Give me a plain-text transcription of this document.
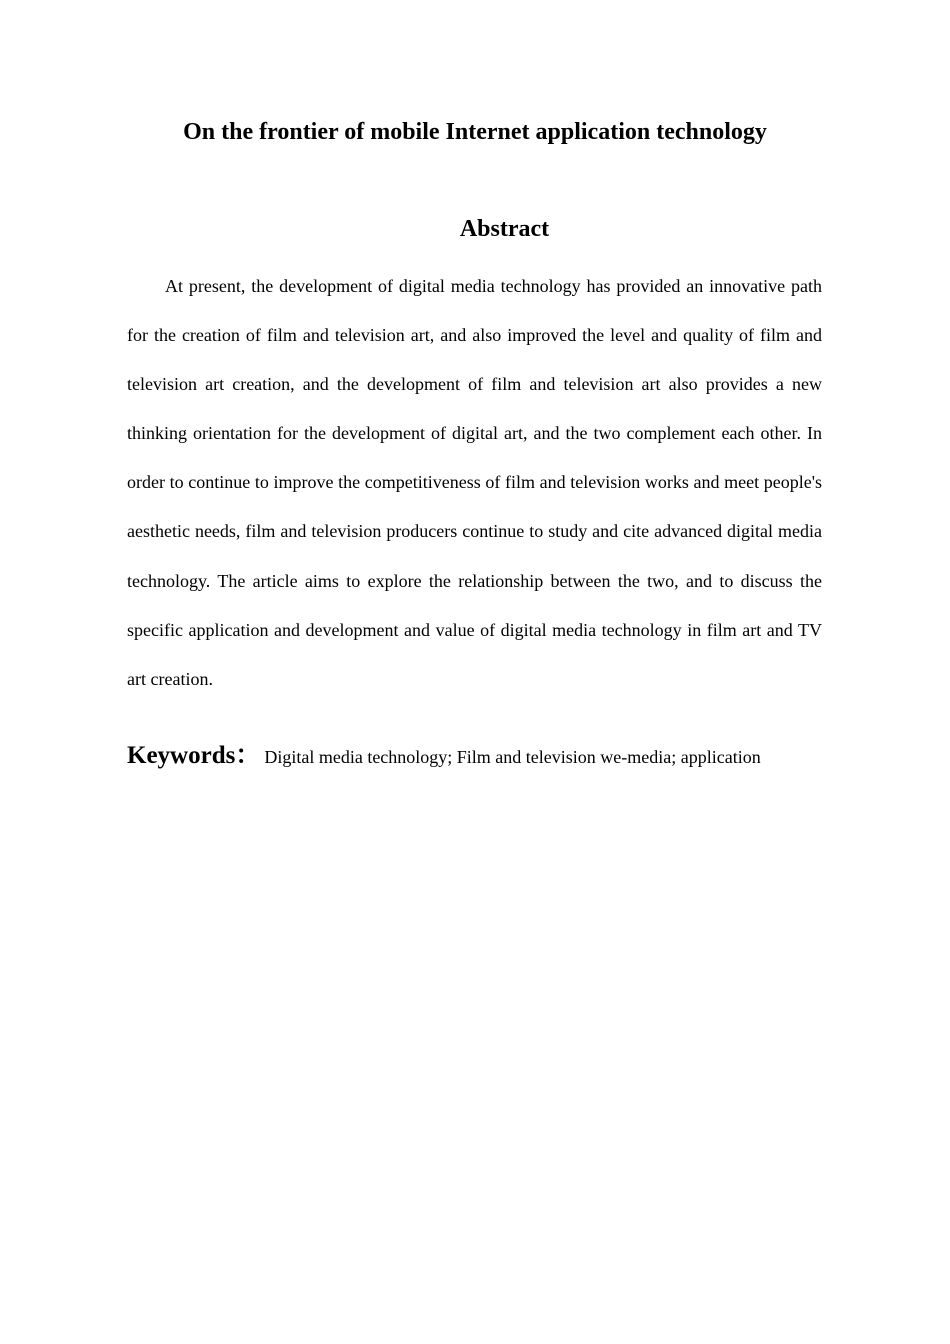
On the frontier of mobile Internet application technology
Abstract

At present, the development of digital media technology has provided an innovative path for the creation of film and television art, and also improved the level and quality of film and television art creation, and the development of film and television art also provides a new thinking orientation for the development of digital art, and the two complement each other. In order to continue to improve the competitiveness of film and television works and meet people's aesthetic needs, film and television producers continue to study and cite advanced digital media technology. The article aims to explore the relationship between the two, and to discuss the specific application and development and value of digital media technology in film art and TV art creation.

Keywords： Digital media technology; Film and television we-media; application
